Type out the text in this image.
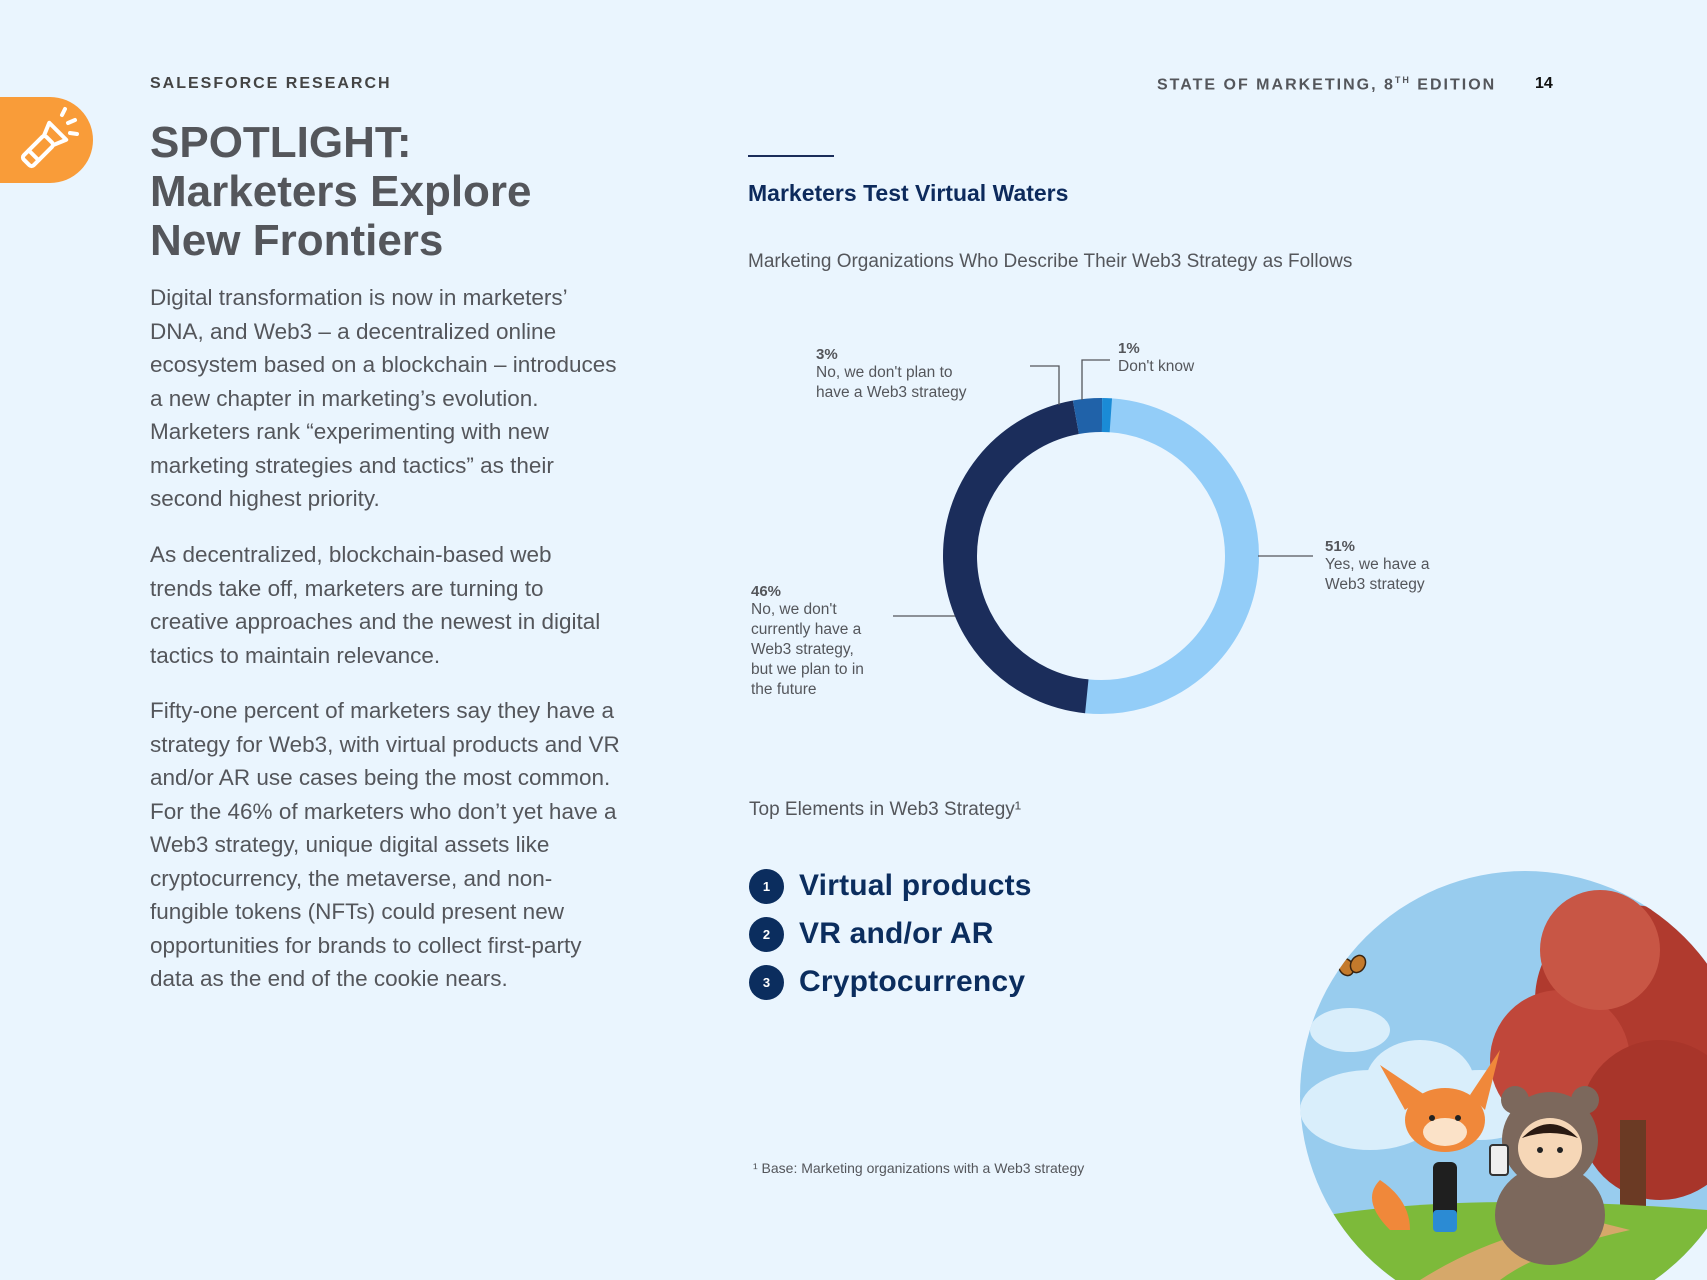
SALESFORCE RESEARCH	STATE OF MARKETING, 8TH EDITION 14
SPOTLIGHT:
Marketers Explore
New Frontiers

Digital transformation is now in marketers’ DNA, and Web3 – a decentralized online ecosystem based on a blockchain – introduces a new chapter in marketing’s evolution. Marketers rank “experimenting with new marketing strategies and tactics” as their second highest priority.

As decentralized, blockchain-based web trends take off, marketers are turning to creative approaches and the newest in digital tactics to maintain relevance.

Fifty-one percent of marketers say they have a strategy for Web3, with virtual products and VR and/or AR use cases being the most common. For the 46% of marketers who don’t yet have a Web3 strategy, unique digital assets like cryptocurrency, the metaverse, and non-fungible tokens (NFTs) could present new opportunities for brands to collect first-party data as the end of the cookie nears.

Marketers Test Virtual Waters
Marketing Organizations Who Describe Their Web3 Strategy as Follows
51%
Yes, we have a
Web3 strategy
46%
No, we don't
currently have a
Web3 strategy,
but we plan to in
the future
3%
No, we don't plan to
have a Web3 strategy
1%
Don't know
Top Elements in Web3 Strategy¹
1 Virtual products
2 VR and/or AR
3 Cryptocurrency
¹ Base: Marketing organizations with a Web3 strategy
